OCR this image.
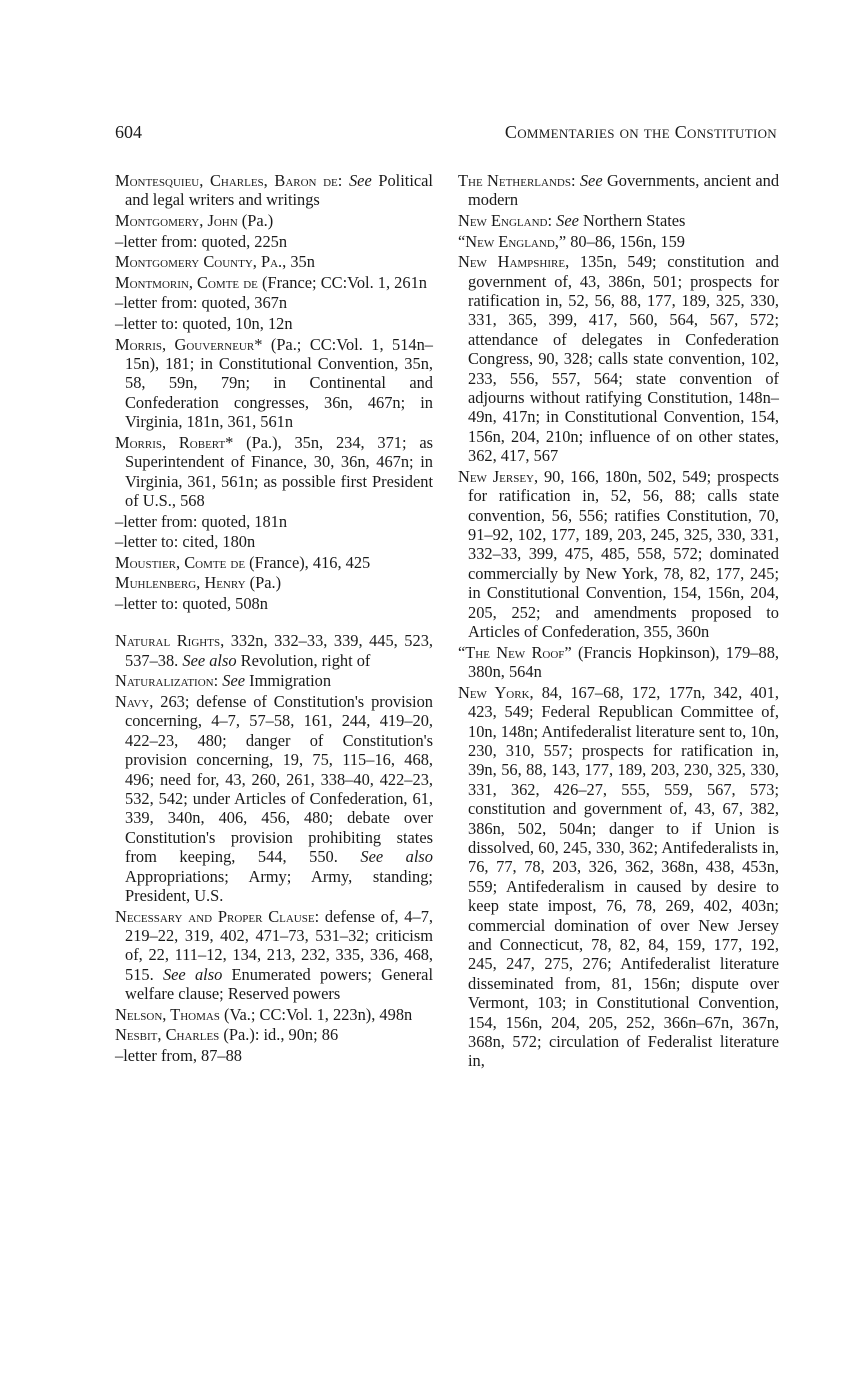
604	Commentaries on the Constitution
Montesquieu, Charles, Baron de: See Political and legal writers and writings
Montgomery, John (Pa.)
–letter from: quoted, 225n
Montgomery County, Pa., 35n
Montmorin, Comte de (France; CC:Vol. 1, 261n
–letter from: quoted, 367n
–letter to: quoted, 10n, 12n
Morris, Gouverneur* (Pa.; CC:Vol. 1, 514n–15n), 181; in Constitutional Convention, 35n, 58, 59n, 79n; in Continental and Confederation congresses, 36n, 467n; in Virginia, 181n, 361, 561n
Morris, Robert* (Pa.), 35n, 234, 371; as Superintendent of Finance, 30, 36n, 467n; in Virginia, 361, 561n; as possible first President of U.S., 568
–letter from: quoted, 181n
–letter to: cited, 180n
Moustier, Comte de (France), 416, 425
Muhlenberg, Henry (Pa.)
–letter to: quoted, 508n
Natural Rights, 332n, 332–33, 339, 445, 523, 537–38. See also Revolution, right of
Naturalization: See Immigration
Navy, 263; defense of Constitution's provision concerning, 4–7, 57–58, 161, 244, 419–20, 422–23, 480; danger of Constitution's provision concerning, 19, 75, 115–16, 468, 496; need for, 43, 260, 261, 338–40, 422–23, 532, 542; under Articles of Confederation, 61, 339, 340n, 406, 456, 480; debate over Constitution's provision prohibiting states from keeping, 544, 550. See also Appropriations; Army; Army, standing; President, U.S.
Necessary and Proper Clause: defense of, 4–7, 219–22, 319, 402, 471–73, 531–32; criticism of, 22, 111–12, 134, 213, 232, 335, 336, 468, 515. See also Enumerated powers; General welfare clause; Reserved powers
Nelson, Thomas (Va.; CC:Vol. 1, 223n), 498n
Nesbit, Charles (Pa.): id., 90n; 86
–letter from, 87–88
The Netherlands: See Governments, ancient and modern
New England: See Northern States
“New England,” 80–86, 156n, 159
New Hampshire, 135n, 549; constitution and government of, 43, 386n, 501; prospects for ratification in, 52, 56, 88, 177, 189, 325, 330, 331, 365, 399, 417, 560, 564, 567, 572; attendance of delegates in Confederation Congress, 90, 328; calls state convention, 102, 233, 556, 557, 564; state convention of adjourns without ratifying Constitution, 148n–49n, 417n; in Constitutional Convention, 154, 156n, 204, 210n; influence of on other states, 362, 417, 567
New Jersey, 90, 166, 180n, 502, 549; prospects for ratification in, 52, 56, 88; calls state convention, 56, 556; ratifies Constitution, 70, 91–92, 102, 177, 189, 203, 245, 325, 330, 331, 332–33, 399, 475, 485, 558, 572; dominated commercially by New York, 78, 82, 177, 245; in Constitutional Convention, 154, 156n, 204, 205, 252; and amendments proposed to Articles of Confederation, 355, 360n
“The New Roof” (Francis Hopkinson), 179–88, 380n, 564n
New York, 84, 167–68, 172, 177n, 342, 401, 423, 549; Federal Republican Committee of, 10n, 148n; Antifederalist literature sent to, 10n, 230, 310, 557; prospects for ratification in, 39n, 56, 88, 143, 177, 189, 203, 230, 325, 330, 331, 362, 426–27, 555, 559, 567, 573; constitution and government of, 43, 67, 382, 386n, 502, 504n; danger to if Union is dissolved, 60, 245, 330, 362; Antifederalists in, 76, 77, 78, 203, 326, 362, 368n, 438, 453n, 559; Antifederalism in caused by desire to keep state impost, 76, 78, 269, 402, 403n; commercial domination of over New Jersey and Connecticut, 78, 82, 84, 159, 177, 192, 245, 247, 275, 276; Antifederalist literature disseminated from, 81, 156n; dispute over Vermont, 103; in Constitutional Convention, 154, 156n, 204, 205, 252, 366n–67n, 367n, 368n, 572; circulation of Federalist literature in,
